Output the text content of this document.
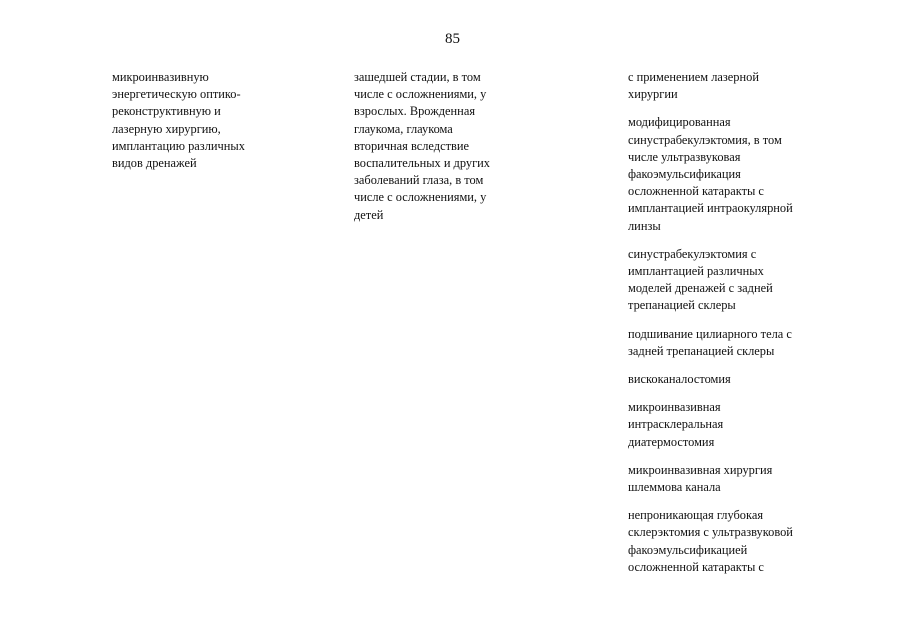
85

микроинвазивную
энергетическую оптико-
реконструктивную и
лазерную хирургию,
имплантацию различных
видов дренажей

зашедшей стадии, в том
числе с осложнениями, у
взрослых. Врожденная
глаукома, глаукома
вторичная вследствие
воспалительных и других
заболеваний глаза, в том
числе с осложнениями, у
детей

с применением лазерной
хирургии

модифицированная
синустрабекулэктомия, в том
числе ультразвуковая
факоэмульсификация
осложненной катаракты с
имплантацией интраокулярной
линзы

синустрабекулэктомия с
имплантацией различных
моделей дренажей с задней
трепанацией склеры

подшивание цилиарного тела с
задней трепанацией склеры

вискоканалостомия

микроинвазивная
интрасклеральная
диатермостомия

микроинвазивная хирургия
шлеммова канала

непроникающая глубокая
склерэктомия с ультразвуковой
факоэмульсификацией
осложненной катаракты с
